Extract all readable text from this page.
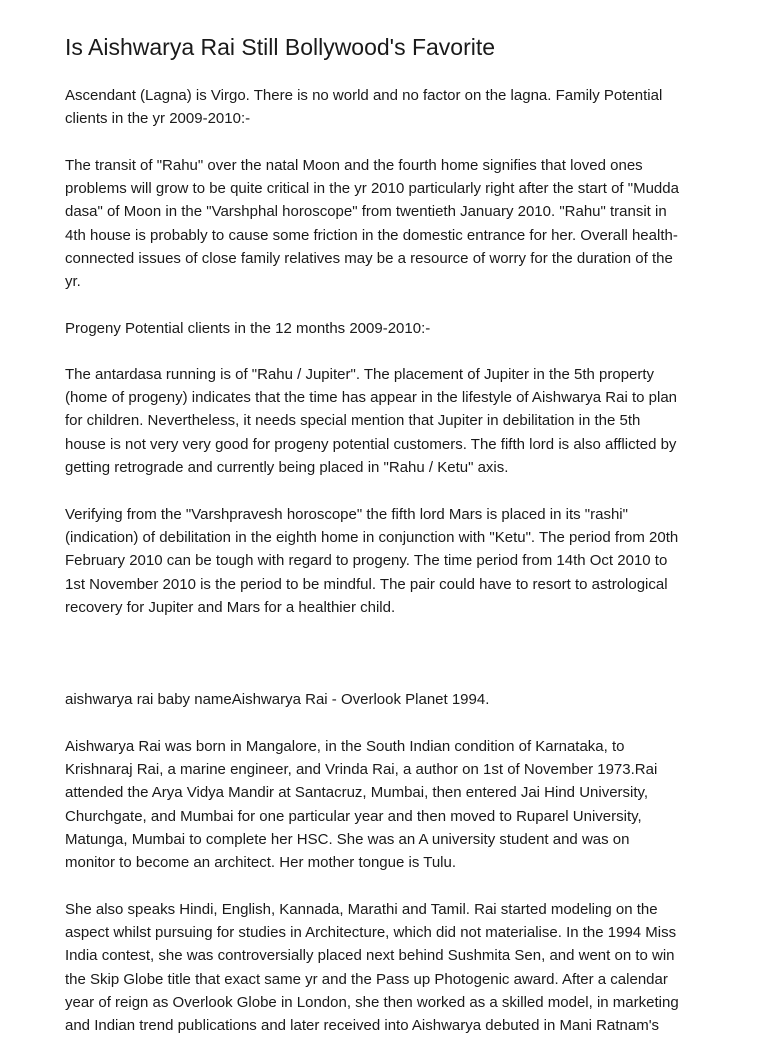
Is Aishwarya Rai Still Bollywood's Favorite

Ascendant (Lagna) is Virgo. There is no world and no factor on the lagna. Family Potential
clients in the yr 2009-2010:-

The transit of "Rahu" over the natal Moon and the fourth home signifies that loved ones
problems will grow to be quite critical in the yr 2010 particularly right after the start of "Mudda
dasa" of Moon in the "Varshphal horoscope" from twentieth January 2010. "Rahu" transit in
4th house is probably to cause some friction in the domestic entrance for her. Overall health-
connected issues of close family relatives may be a resource of worry for the duration of the
yr.

Progeny Potential clients in the 12 months 2009-2010:-

The antardasa running is of "Rahu / Jupiter". The placement of Jupiter in the 5th property
(home of progeny) indicates that the time has appear in the lifestyle of Aishwarya Rai to plan
for children. Nevertheless, it needs special mention that Jupiter in debilitation in the 5th
house is not very very good for progeny potential customers. The fifth lord is also afflicted by
getting retrograde and currently being placed in "Rahu / Ketu" axis.

Verifying from the "Varshpravesh horoscope" the fifth lord Mars is placed in its "rashi"
(indication) of debilitation in the eighth home in conjunction with "Ketu". The period from 20th
February 2010 can be tough with regard to progeny. The time period from 14th Oct 2010 to
1st November 2010 is the period to be mindful. The pair could have to resort to astrological
recovery for Jupiter and Mars for a healthier child.

aishwarya rai baby nameAishwarya Rai - Overlook Planet 1994.

Aishwarya Rai was born in Mangalore, in the South Indian condition of Karnataka, to
Krishnaraj Rai, a marine engineer, and Vrinda Rai, a author on 1st of November 1973.Rai
attended the Arya Vidya Mandir at Santacruz, Mumbai, then entered Jai Hind University,
Churchgate, and Mumbai for one particular year and then moved to Ruparel University,
Matunga, Mumbai to complete her HSC. She was an A university student and was on
monitor to become an architect. Her mother tongue is Tulu.

She also speaks Hindi, English, Kannada, Marathi and Tamil. Rai started modeling on the
aspect whilst pursuing for studies in Architecture, which did not materialise. In the 1994 Miss
India contest, she was controversially placed next behind Sushmita Sen, and went on to win
the Skip Globe title that exact same yr and the Pass up Photogenic award. After a calendar
year of reign as Overlook Globe in London, she then worked as a skilled model, in marketing
and Indian trend publications and later received into Aishwarya debuted in Mani Ratnam's
